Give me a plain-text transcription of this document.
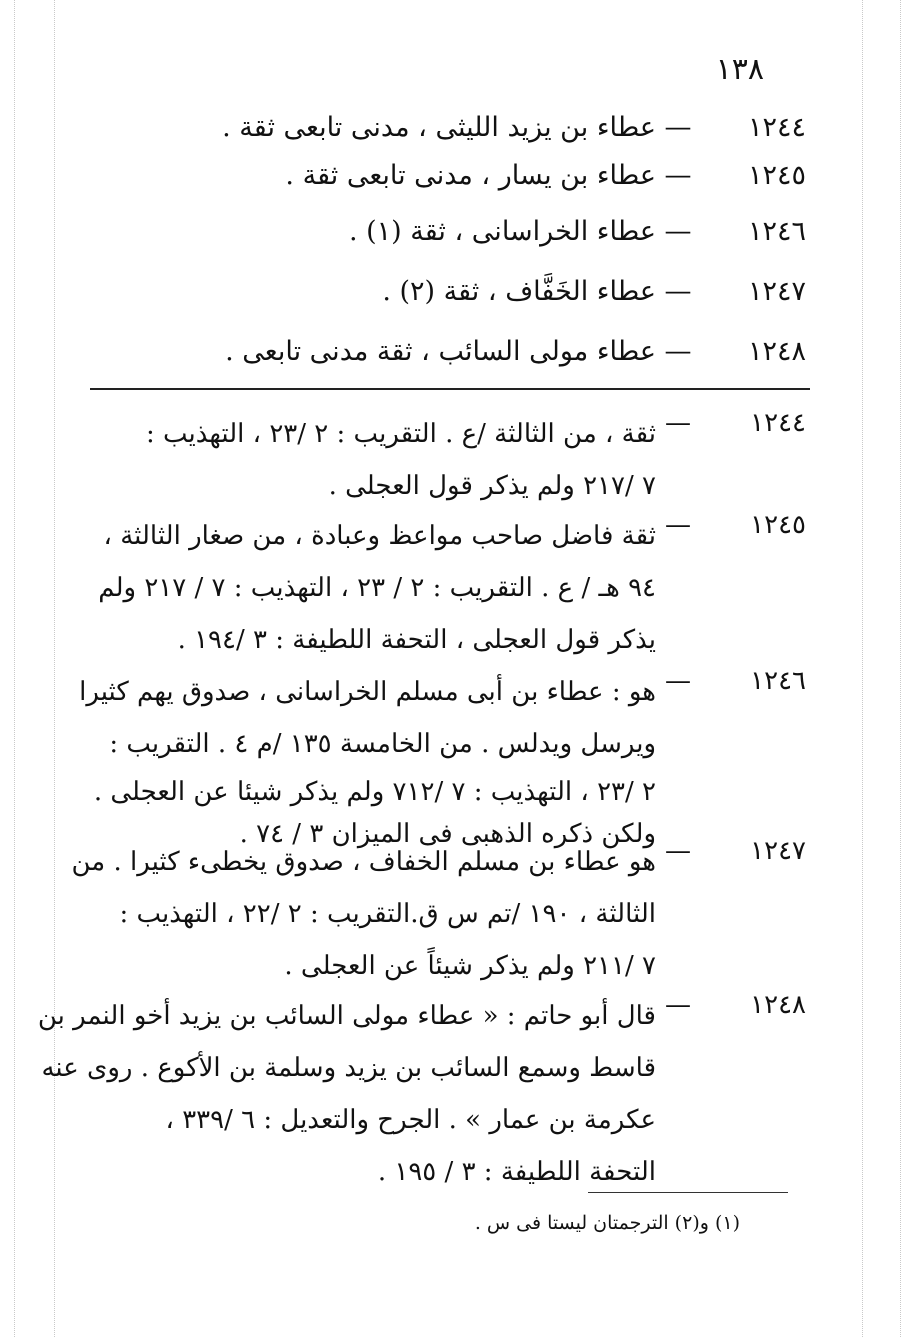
١٣٨
١٢٤٤—عطاء بن يزيد الليثى ، مدنى تابعى ثقة .
١٢٤٥—عطاء بن يسار ، مدنى تابعى ثقة .
١٢٤٦—عطاء الخراسانى ، ثقة (١) .
١٢٤٧—عطاء الخَفَّاف ، ثقة (٢) .
١٢٤٨—عطاء مولى السائب ، ثقة مدنى تابعى .
١٢٤٤
—
ثقة ، من الثالثة /ع . التقريب : ٢ /٢٣ ، التهذيب :
٧ /٢١٧ ولم يذكر قول العجلى .
١٢٤٥
—
ثقة فاضل صاحب مواعظ وعبادة ، من صغار الثالثة ،
٩٤ هـ / ع . التقريب : ٢ / ٢٣ ، التهذيب : ٧ / ٢١٧ ولم
يذكر قول العجلى ، التحفة اللطيفة : ٣ /١٩٤ .
١٢٤٦
—
هو : عطاء بن أبى مسلم الخراسانى ، صدوق يهم كثيرا
ويرسل ويدلس . من الخامسة ١٣٥ /م ٤ . التقريب :
٢ /٢٣ ، التهذيب : ٧ /٧١٢ ولم يذكر شيئا عن العجلى .
ولكن ذكره الذهبى فى الميزان ٣ / ٧٤ .
١٢٤٧
—
هو عطاء بن مسلم الخفاف ، صدوق يخطىء كثيرا . من
الثالثة ، ١٩٠ /تم س ق.التقريب : ٢ /٢٢ ، التهذيب :
٧ /٢١١ ولم يذكر شيئاً عن العجلى .
١٢٤٨
—
قال أبو حاتم : « عطاء مولى السائب بن يزيد أخو النمر بن
قاسط وسمع السائب بن يزيد وسلمة بن الأكوع . روى عنه
عكرمة بن عمار » . الجرح والتعديل : ٦ /٣٣٩ ،
التحفة اللطيفة : ٣ / ١٩٥ .
(١) و(٢) الترجمتان ليستا فى س .
